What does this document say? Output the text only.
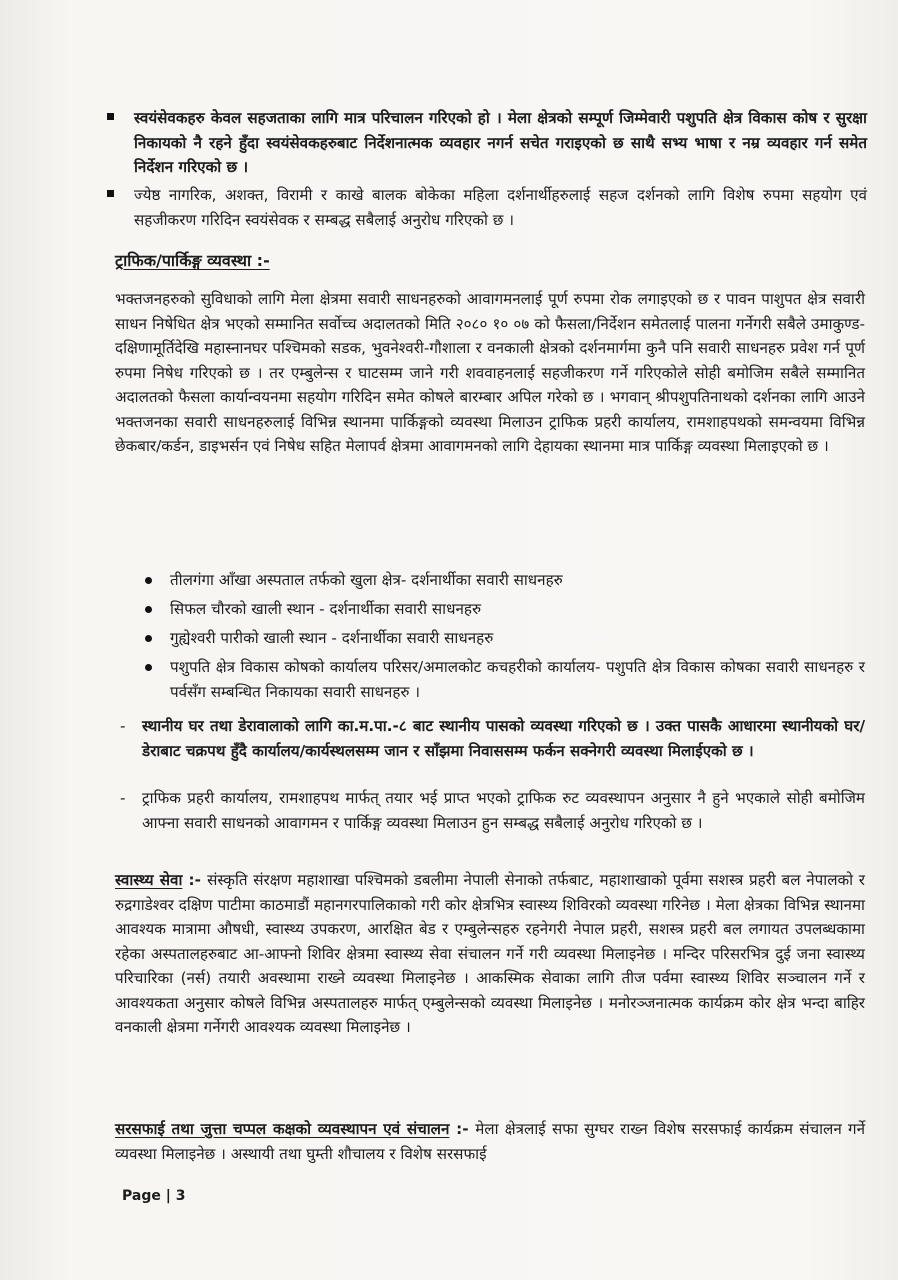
स्वयंसेवकहरु केवल सहजताका लागि मात्र परिचालन गरिएको हो । मेला क्षेत्रको सम्पूर्ण जिम्मेवारी पशुपति क्षेत्र विकास कोष र सुरक्षा निकायको नै रहने हुँदा स्वयंसेवकहरुबाट निर्देशनात्मक व्यवहार नगर्न सचेत गराइएको छ साथै सभ्य भाषा र नम्र व्यवहार गर्न समेत निर्देशन गरिएको छ ।
ज्येष्ठ नागरिक, अशक्त, विरामी र काखे बालक बोकेका महिला दर्शनार्थीहरुलाई सहज दर्शनको लागि विशेष रुपमा सहयोग एवं सहजीकरण गरिदिन स्वयंसेवक र सम्बद्ध सबैलाई अनुरोध गरिएको छ ।
ट्राफिक/पार्किङ्ग व्यवस्था :-
भक्तजनहरुको सुविधाको लागि मेला क्षेत्रमा सवारी साधनहरुको आवागमनलाई पूर्ण रुपमा रोक लगाइएको छ र पावन पाशुपत क्षेत्र सवारी साधन निषेधित क्षेत्र भएको सम्मानित सर्वोच्च अदालतको मिति २०८० १० ०७ को फैसला/निर्देशन समेतलाई पालना गर्नेगरी सबैले उमाकुण्ड-दक्षिणामूर्तिदेखि महास्नानघर पश्चिमको सडक, भुवनेश्वरी-गौशाला र वनकाली क्षेत्रको दर्शनमार्गमा कुनै पनि सवारी साधनहरु प्रवेश गर्न पूर्ण रुपमा निषेध गरिएको छ । तर एम्बुलेन्स र घाटसम्म जाने गरी शववाहनलाई सहजीकरण गर्ने गरिएकोले सोही बमोजिम सबैले सम्मानित अदालतको फैसला कार्यान्वयनमा सहयोग गरिदिन समेत कोषले बारम्बार अपिल गरेको छ । भगवान् श्रीपशुपतिनाथको दर्शनका लागि आउने भक्तजनका सवारी साधनहरुलाई विभिन्न स्थानमा पार्किङ्गको व्यवस्था मिलाउन ट्राफिक प्रहरी कार्यालय, रामशाहपथको समन्वयमा विभिन्न छेकबार/कर्डन, डाइभर्सन एवं निषेध सहित मेलापर्व क्षेत्रमा आवागमनको लागि देहायका स्थानमा मात्र पार्किङ्ग व्यवस्था मिलाइएको छ ।
तीलगंगा आँखा अस्पताल तर्फको खुला क्षेत्र- दर्शनार्थीका सवारी साधनहरु
सिफल चौरको खाली स्थान - दर्शनार्थीका सवारी साधनहरु
गुह्येश्वरी पारीको खाली स्थान - दर्शनार्थीका सवारी साधनहरु
पशुपति क्षेत्र विकास कोषको कार्यालय परिसर/अमालकोट कचहरीको कार्यालय- पशुपति क्षेत्र विकास कोषका सवारी साधनहरु र पर्वसँग सम्बन्धित निकायका सवारी साधनहरु ।
- स्थानीय घर तथा डेरावालाको लागि का.म.पा.-८ बाट स्थानीय पासको व्यवस्था गरिएको छ । उक्त पासकै आधारमा स्थानीयको घर/डेराबाट चक्रपथ हुँदै कार्यालय/कार्यस्थलसम्म जान र साँझमा निवाससम्म फर्कन सक्नेगरी व्यवस्था मिलाईएको छ ।
- ट्राफिक प्रहरी कार्यालय, रामशाहपथ मार्फत् तयार भई प्राप्त भएको ट्राफिक रुट व्यवस्थापन अनुसार नै हुने भएकाले सोही बमोजिम आफ्ना सवारी साधनको आवागमन र पार्किङ्ग व्यवस्था मिलाउन हुन सम्बद्ध सबैलाई अनुरोध गरिएको छ ।
स्वास्थ्य सेवा :- संस्कृति संरक्षण महाशाखा पश्चिमको डबलीमा नेपाली सेनाको तर्फबाट, महाशाखाको पूर्वमा सशस्त्र प्रहरी बल नेपालको र रुद्रगाडेश्वर दक्षिण पाटीमा काठमाडौं महानगरपालिकाको गरी कोर क्षेत्रभित्र स्वास्थ्य शिविरको व्यवस्था गरिनेछ । मेला क्षेत्रका विभिन्न स्थानमा आवश्यक मात्रामा औषधी, स्वास्थ्य उपकरण, आरक्षित बेड र एम्बुलेन्सहरु रहनेगरी नेपाल प्रहरी, सशस्त्र प्रहरी बल लगायत उपलब्धकामा रहेका अस्पतालहरुबाट आ-आफ्नो शिविर क्षेत्रमा स्वास्थ्य सेवा संचालन गर्ने गरी व्यवस्था मिलाइनेछ । मन्दिर परिसरभित्र दुई जना स्वास्थ्य परिचारिका (नर्स) तयारी अवस्थामा राख्ने व्यवस्था मिलाइनेछ । आकस्मिक सेवाका लागि तीज पर्वमा स्वास्थ्य शिविर सञ्चालन गर्ने र आवश्यकता अनुसार कोषले विभिन्न अस्पतालहरु मार्फत् एम्बुलेन्सको व्यवस्था मिलाइनेछ । मनोरञ्जनात्मक कार्यक्रम कोर क्षेत्र भन्दा बाहिर वनकाली क्षेत्रमा गर्नेगरी आवश्यक व्यवस्था मिलाइनेछ ।
सरसफाई तथा जुत्ता चप्पल कक्षको व्यवस्थापन एवं संचालन :- मेला क्षेत्रलाई सफा सुग्घर राख्न विशेष सरसफाई कार्यक्रम संचालन गर्ने व्यवस्था मिलाइनेछ । अस्थायी तथा घुम्ती शौचालय र विशेष सरसफाई
Page | 3
